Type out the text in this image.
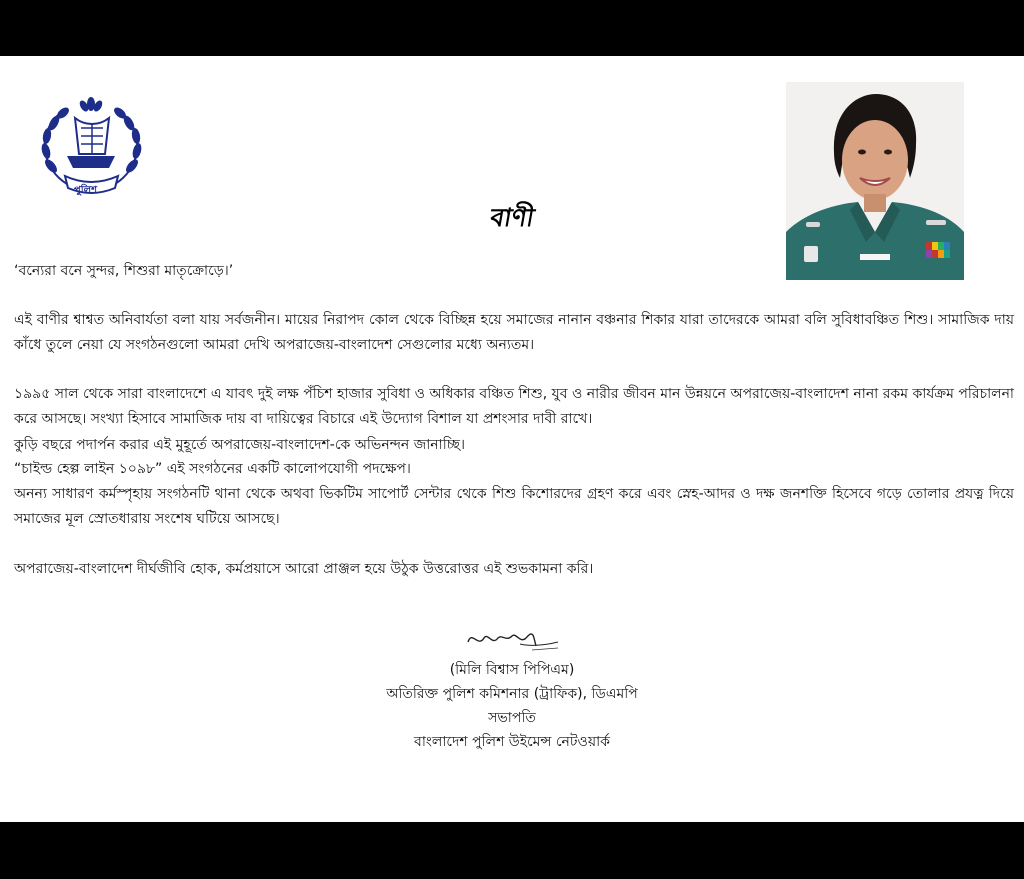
পুলিশ
বাণী
‘বন্যেরা বনে সুন্দর, শিশুরা মাতৃক্রোড়ে।’
এই বাণীর শ্বাশ্বত অনিবার্যতা বলা যায় সর্বজনীন। মায়ের নিরাপদ কোল থেকে বিচ্ছিন্ন হয়ে সমাজের নানান বঞ্চনার শিকার যারা তাদেরকে আমরা বলি সুবিধাবঞ্চিত শিশু। সামাজিক দায় কাঁধে তুলে নেয়া যে সংগঠনগুলো আমরা দেখি অপরাজেয়-বাংলাদেশ সেগুলোর মধ্যে অন্যতম।
১৯৯৫ সাল থেকে সারা বাংলাদেশে এ যাবৎ দুই লক্ষ পঁচিশ হাজার সুবিধা ও অধিকার বঞ্চিত শিশু, যুব ও নারীর জীবন মান উন্নয়নে অপরাজেয়-বাংলাদেশ নানা রকম কার্যক্রম পরিচালনা করে আসছে। সংখ্যা হিসাবে সামাজিক দায় বা দায়িত্বের বিচারে এই উদ্যোগ বিশাল যা প্রশংসার দাবী রাখে।
কুড়ি বছরে পদার্পন করার এই মুহূর্তে অপরাজেয়-বাংলাদেশ-কে অভিনন্দন জানাচ্ছি।
“চাইল্ড হেল্প লাইন ১০৯৮” এই সংগঠনের একটি কালোপযোগী পদক্ষেপ।
অনন্য সাধারণ কর্মস্পৃহায় সংগঠনটি থানা থেকে অথবা ভিকটিম সাপোর্ট সেন্টার থেকে শিশু কিশোরদের গ্রহণ করে এবং স্নেহ-আদর ও দক্ষ জনশক্তি হিসেবে গড়ে তোলার প্রযত্ন দিয়ে সমাজের মূল স্রোতধারায় সংশেষ ঘটিয়ে আসছে।
অপরাজেয়-বাংলাদেশ দীর্ঘজীবি হোক, কর্মপ্রয়াসে আরো প্রাঞ্জল হয়ে উঠুক উত্তরোত্তর এই শুভকামনা করি।
(মিলি বিশ্বাস পিপিএম)
অতিরিক্ত পুলিশ কমিশনার (ট্রাফিক), ডিএমপি
সভাপতি
বাংলাদেশ পুলিশ উইমেন্স নেটওয়ার্ক
